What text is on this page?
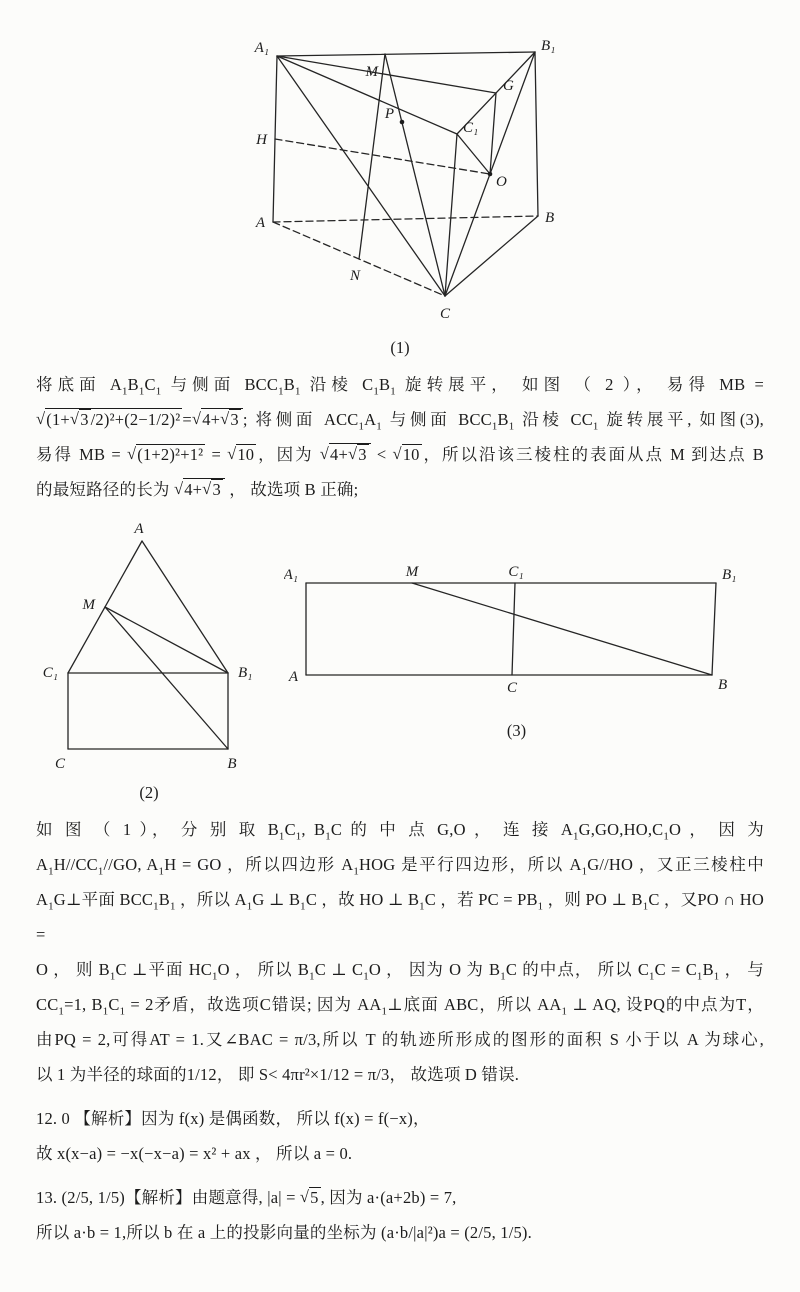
A₁	B₁
M
G
H
P
C₁
O
A	B
N
C
(1)
将底面 $A_1B_1C_1$ 与侧面 $BCC_1B_1$ 沿棱 $C_1B_1$ 旋转展平， 如图 （ 2 ）， 易得 MB =
√(1+√3 /2)²+(2−1/2)² =√4+√3 ; 将侧面 $ACC_1A_1$ 与侧面 $BCC_1B_1$ 沿棱 $CC_1$ 旋转展平, 如图(3),
易得 MB = √(1+2)²+1² = √10 ，因为 √4+√3 < √10 ，所以沿该三棱柱的表面从点 M 到达点 B
的最短路径的长为 √4+√3 ， 故选项 B 正确;
A
M
C₁	B₁
C	B
(2)
A₁	M	C₁	B₁
A
C	B
(3)
如 图 （ 1 ）， 分 别 取 $B_1C_1$, $B_1C$ 的 中 点 G,O ， 连 接 $A_1G,GO,HO,C_1O$ ， 因 为
$A_1H//CC_1//GO$, $A_1H$ = GO ，所以四边形 $A_1HOG$ 是平行四边形，所以 $A_1G//HO$ ，又正三棱柱中
$A_1G\perp$平面 $BCC_1B_1$ ，所以 $A_1G$ ⊥ $B_1C$ ，故 HO ⊥ $B_1C$ ，若 PC = $PB_1$ ，则 PO ⊥ $B_1C$ ，又PO ∩ HO =
O ， 则 $B_1C$ ⊥平面 $HC_1O$ ， 所以 $B_1C$ ⊥ $C_1O$ ， 因为 O 为 $B_1C$ 的中点， 所以 $C_1C = C_1B_1$ ， 与
$CC_1=1$, $B_1C_1 = 2$矛盾，故选项C错误; 因为 $AA_1\perp$底面 ABC，所以 $AA_1$ ⊥ AQ, 设PQ的中点为T，
由PQ = 2,可得AT = 1.又∠BAC = π/3,所以 T 的轨迹所形成的图形的面积 S 小于以 A 为球心,
以 1 为半径的球面的1/12， 即 S< 4πr²×1/12 = π/3， 故选项 D 错误.
12. 0 【解析】因为 f(x) 是偶函数， 所以 f(x) = f(−x)，
故 x(x−a) = −x(−x−a) = x² + ax ， 所以 a = 0.
13. (2/5, 1/5)【解析】由题意得, |a| = √5 , 因为 a·(a+2b) = 7,
所以 a·b = 1,所以 b 在 a 上的投影向量的坐标为 (a·b/|a|²)a = (2/5, 1/5).
